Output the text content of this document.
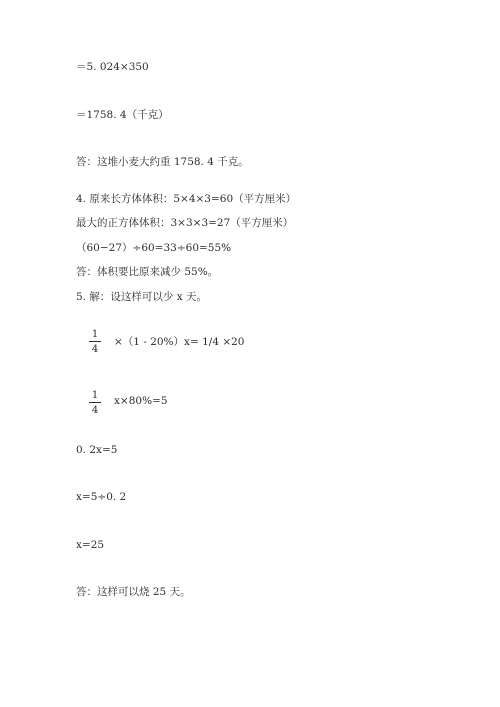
＝5. 024×350
＝1758. 4（千克）
答：这堆小麦大约重 1758. 4 千克。
4. 原来长方体体积：5×4×3=60（平方厘米）
最大的正方体体积：3×3×3=27（平方厘米）
（60−27）÷60=33÷60=55%
答：体积要比原来减少 55%。
5. 解：设这样可以少 x 天。
1
4
×（1 - 20%）x= 1/4 ×20
1
4
x×80%=5
0. 2x=5
x=5÷0. 2
x=25
答：这样可以烧 25 天。
